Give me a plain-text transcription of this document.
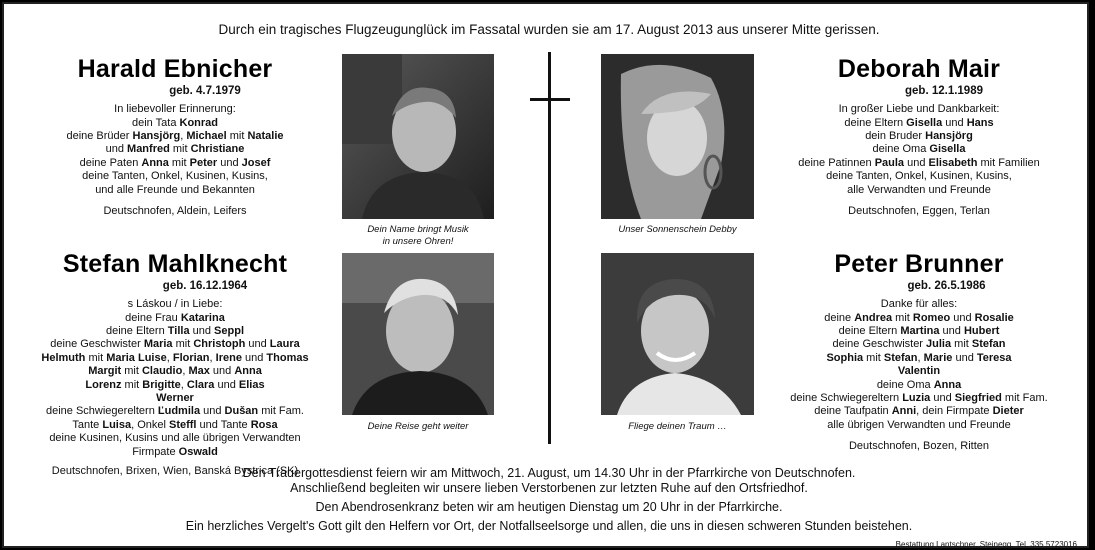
Durch ein tragisches Flugzeugunglück im Fassatal wurden sie am 17. August 2013 aus unserer Mitte gerissen.
Harald Ebnicher
geb. 4.7.1979
In liebevoller Erinnerung:
dein Tata Konrad
deine Brüder Hansjörg, Michael mit Natalie
und Manfred mit Christiane
deine Paten Anna mit Peter und Josef
deine Tanten, Onkel, Kusinen, Kusins,
und alle Freunde und Bekannten
Deutschnofen, Aldein, Leifers
Deborah Mair
geb. 12.1.1989
In großer Liebe und Dankbarkeit:
deine Eltern Gisella und Hans
dein Bruder Hansjörg
deine Oma Gisella
deine Patinnen Paula und Elisabeth mit Familien
deine Tanten, Onkel, Kusinen, Kusins,
alle Verwandten und Freunde
Deutschnofen, Eggen, Terlan
Stefan Mahlknecht
geb. 16.12.1964
s Láskou / in Liebe:
deine Frau Katarina
deine Eltern Tilla und Seppl
deine Geschwister Maria mit Christoph und Laura
Helmuth mit Maria Luise, Florian, Irene und Thomas
Margit mit Claudio, Max und Anna
Lorenz mit Brigitte, Clara und Elias
Werner
deine Schwiegereltern Ľudmila und Dušan mit Fam.
Tante Luisa, Onkel Steffl und Tante Rosa
deine Kusinen, Kusins und alle übrigen Verwandten
Firmpate Oswald
Deutschnofen, Brixen, Wien, Banská Bystrica (SK)
Peter Brunner
geb. 26.5.1986
Danke für alles:
deine Andrea mit Romeo und Rosalie
deine Eltern Martina und Hubert
deine Geschwister Julia mit Stefan
Sophia mit Stefan, Marie und Teresa
Valentin
deine Oma Anna
deine Schwiegereltern Luzia und Siegfried mit Fam.
deine Taufpatin Anni, dein Firmpate Dieter
alle übrigen Verwandten und Freunde
Deutschnofen, Bozen, Ritten
Dein Name bringt Musik
in unsere Ohren!
Unser Sonnenschein Debby
Deine Reise geht weiter	Fliege deinen Traum …
Den Trauergottesdienst feiern wir am Mittwoch, 21. August, um 14.30 Uhr in der Pfarrkirche von Deutschnofen.
Anschließend begleiten wir unsere lieben Verstorbenen zur letzten Ruhe auf den Ortsfriedhof.
Den Abendrosenkranz beten wir am heutigen Dienstag um 20 Uhr in der Pfarrkirche.
Ein herzliches Vergelt's Gott gilt den Helfern vor Ort, der Notfallseelsorge und allen, die uns in diesen schweren Stunden beistehen.
Bestattung Lantschner, Steinegg, Tel. 335 5723016
